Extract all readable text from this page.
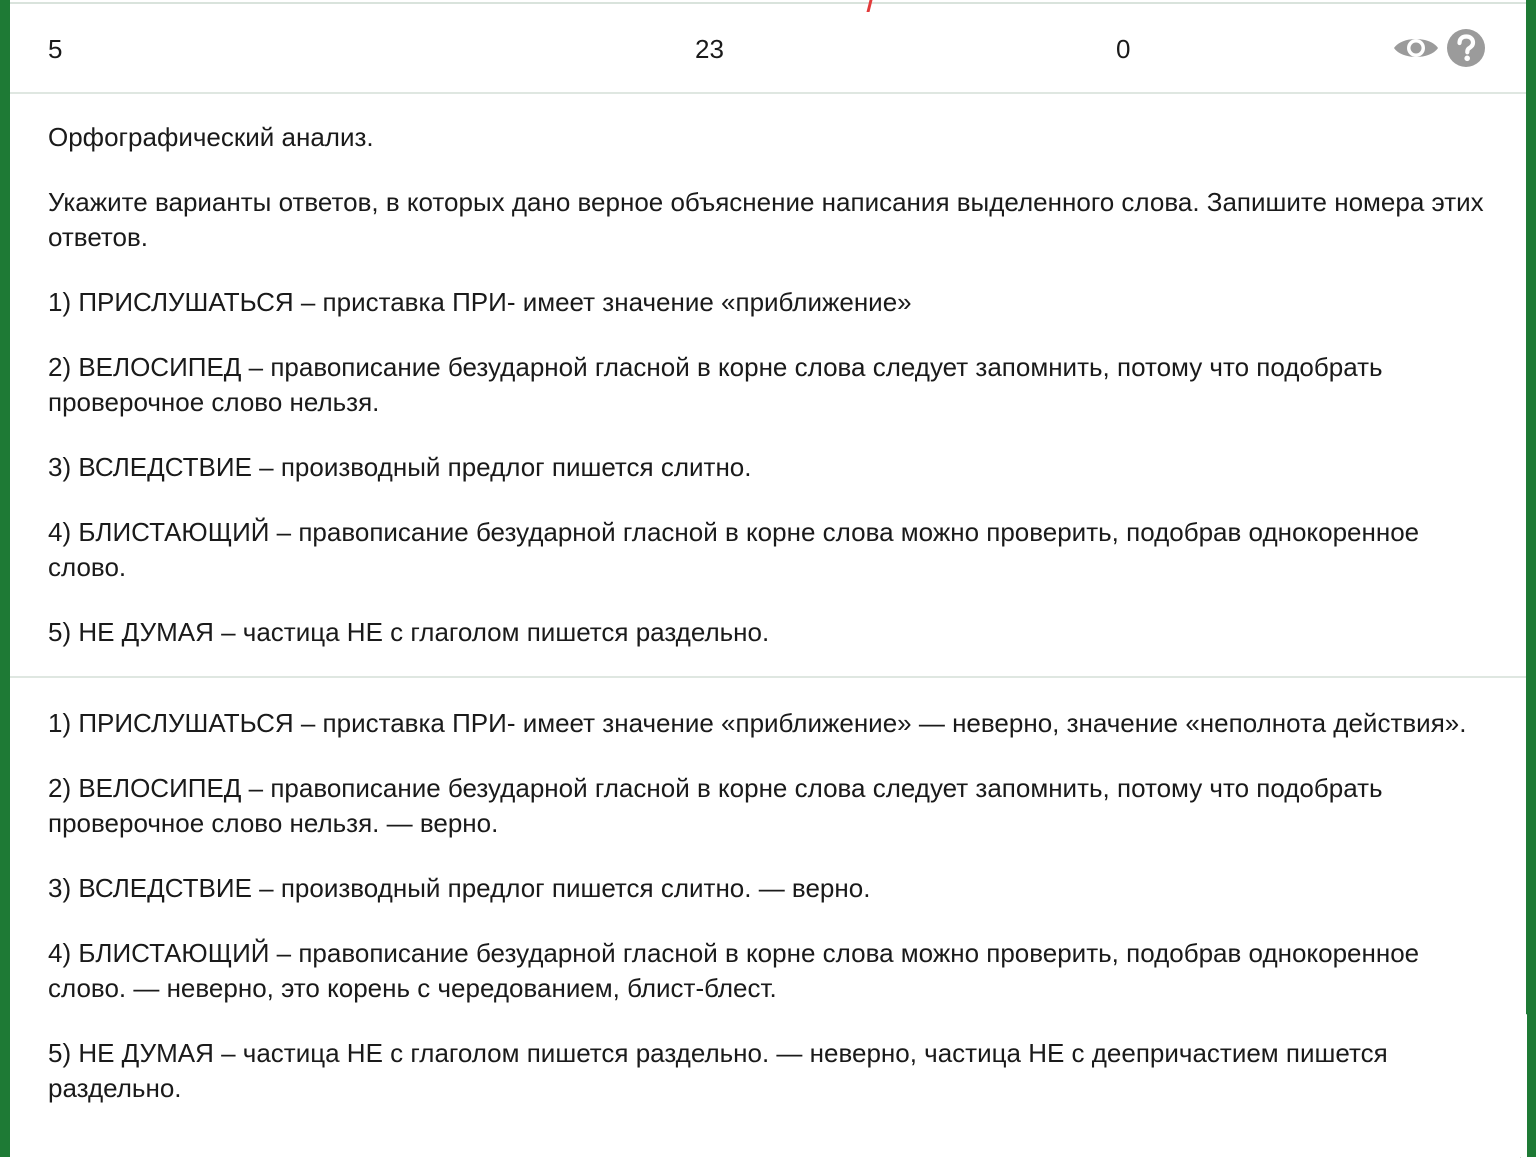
5	23	0

Орфографический анализ.

Укажите варианты ответов, в которых дано верное объяснение написания выделенного слова. Запишите номера этих ответов.

1) ПРИСЛУШАТЬСЯ – приставка ПРИ- имеет значение «приближение»

2) ВЕЛОСИПЕД – правописание безударной гласной в корне слова следует запомнить, потому что подобрать проверочное слово нельзя.

3) ВСЛЕДСТВИЕ – производный предлог пишется слитно.

4) БЛИСТАЮЩИЙ – правописание безударной гласной в корне слова можно проверить, подобрав однокоренное слово.

5) НЕ ДУМАЯ – частица НЕ с глаголом пишется раздельно.

1) ПРИСЛУШАТЬСЯ – приставка ПРИ- имеет значение «приближение» — неверно, значение «неполнота действия».

2) ВЕЛОСИПЕД – правописание безударной гласной в корне слова следует запомнить, потому что подобрать проверочное слово нельзя. — верно.

3) ВСЛЕДСТВИЕ – производный предлог пишется слитно. — верно.

4) БЛИСТАЮЩИЙ – правописание безударной гласной в корне слова можно проверить, подобрав однокоренное слово. — неверно, это корень с чередованием, блист-блест.

5) НЕ ДУМАЯ – частица НЕ с глаголом пишется раздельно. — неверно, частица НЕ с деепричастием пишется раздельно.
